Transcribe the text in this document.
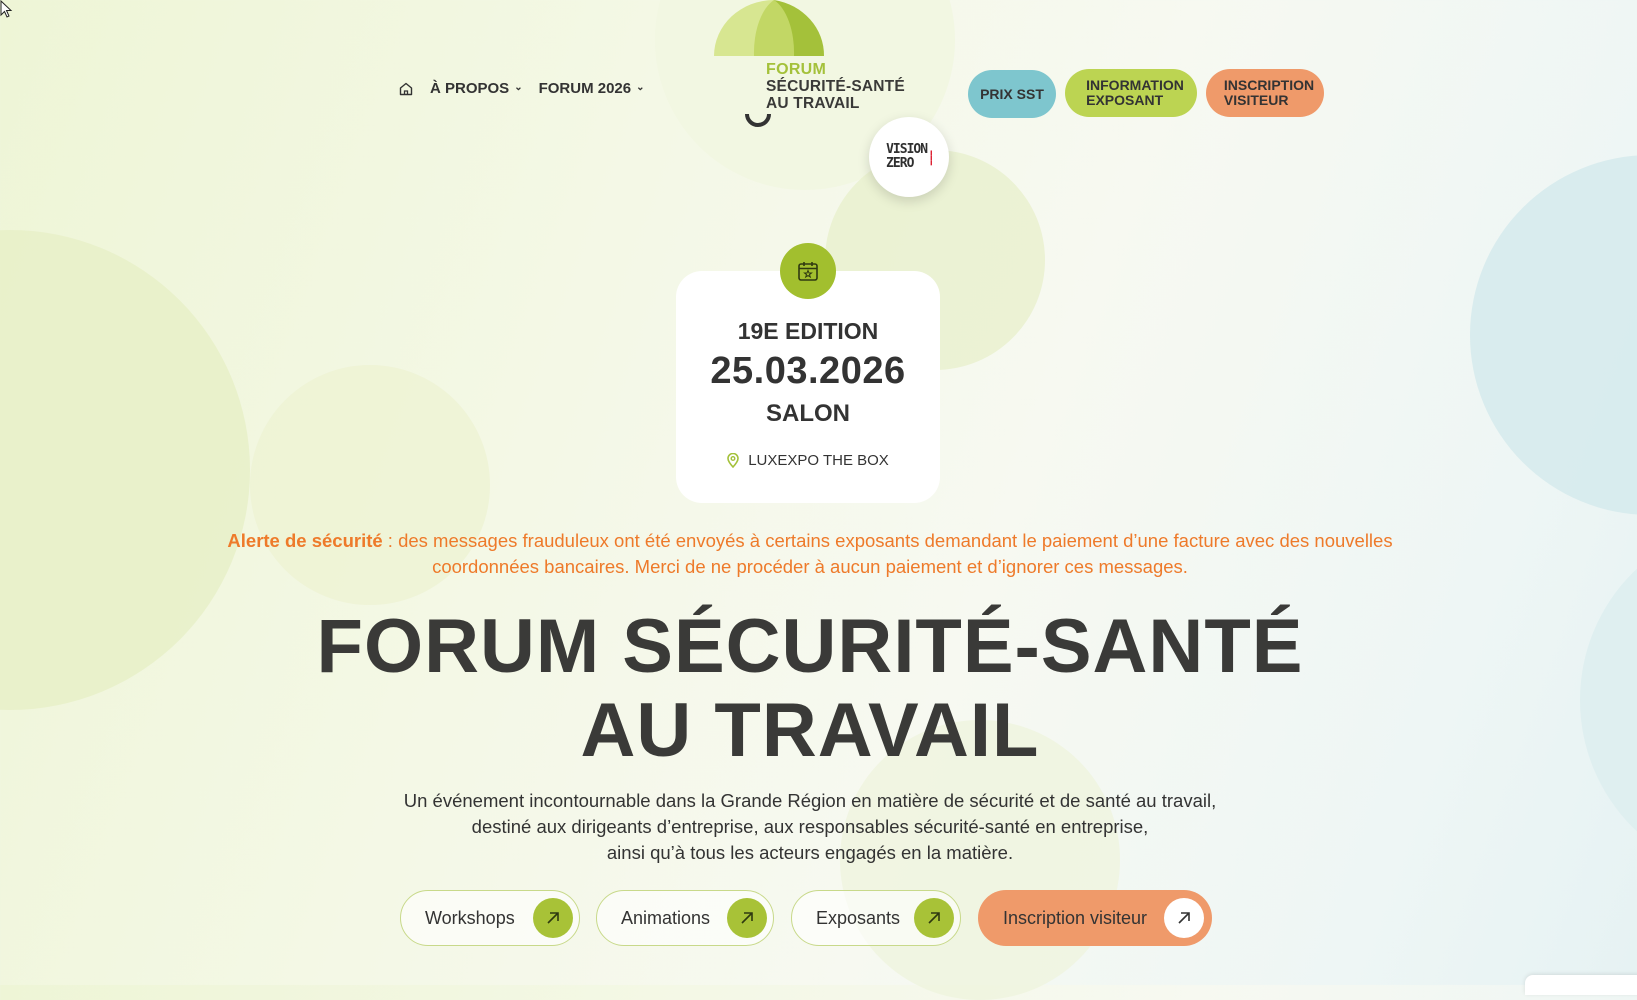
À PROPOS ⌄ FORUM 2026 ⌄
FORUM
SÉCURITÉ-SANTÉ
AU TRAVAIL
VISION
ZERO
▐
▐
▐
PRIX SST
INFORMATION
EXPOSANT
INSCRIPTION
VISITEUR
19E EDITION
25.03.2026
SALON
LUXEXPO THE BOX
Alerte de sécurité : des messages frauduleux ont été envoyés à certains exposants demandant le paiement d’une facture avec des nouvelles coordonnées bancaires. Merci de ne procéder à aucun paiement et d’ignorer ces messages.
FORUM SÉCURITÉ-SANTÉ
AU TRAVAIL
Un événement incontournable dans la Grande Région en matière de sécurité et de santé au travail,
destiné aux dirigeants d’entreprise, aux responsables sécurité-santé en entreprise,
ainsi qu’à tous les acteurs engagés en la matière.
Workshops	Animations	Exposants	Inscription visiteur
